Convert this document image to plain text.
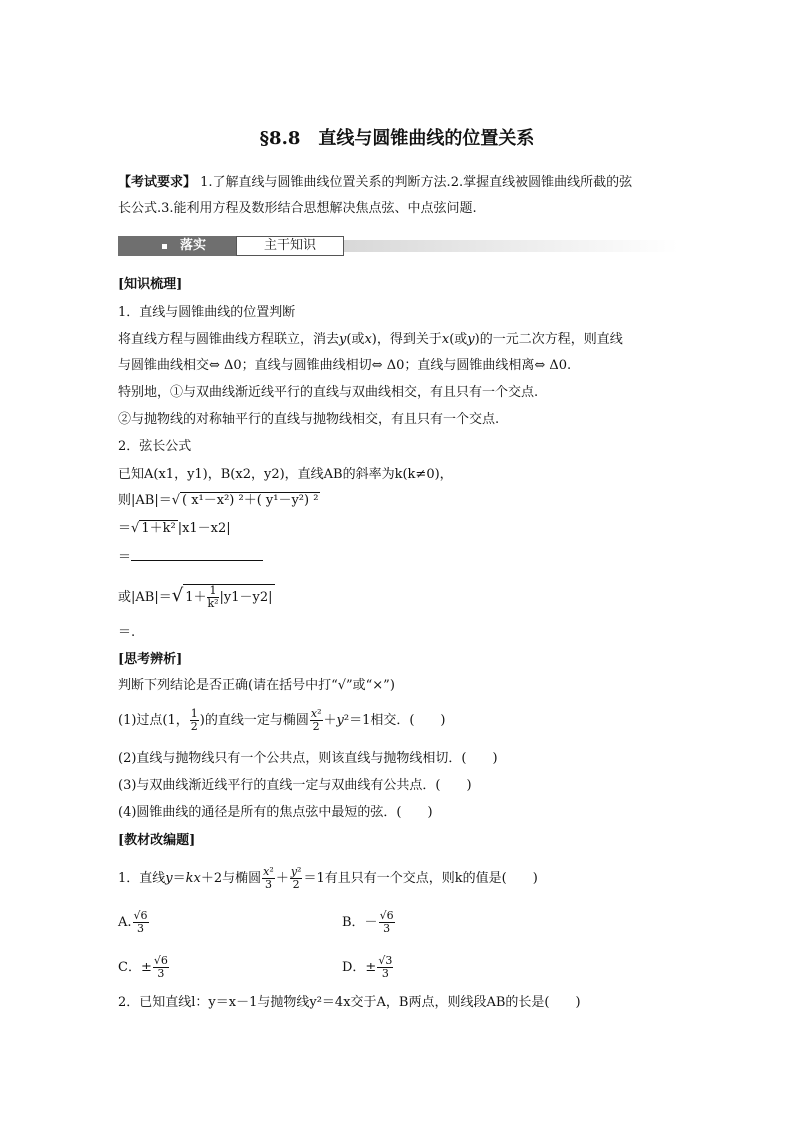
§8.8　直线与圆锥曲线的位置关系
【考试要求】 1.了解直线与圆锥曲线位置关系的判断方法.2.掌握直线被圆锥曲线所截的弦
长公式.3.能利用方程及数形结合思想解决焦点弦、中点弦问题.
落实	主干知识
[知识梳理]
1．直线与圆锥曲线的位置判断
将直线方程与圆锥曲线方程联立，消去y(或x)，得到关于x(或y)的一元二次方程，则直线
与圆锥曲线相交⇔ Δ0；直线与圆锥曲线相切⇔ Δ0；直线与圆锥曲线相离⇔ Δ0.
特别地，①与双曲线渐近线平行的直线与双曲线相交，有且只有一个交点.
②与抛物线的对称轴平行的直线与抛物线相交，有且只有一个交点.
2．弦长公式
已知A(x1，y1)，B(x2，y2)，直线AB的斜率为k(k≠0)，
则|AB|＝√ ( x¹－x²) ²＋( y¹－y²) ²
＝√ 1＋k² |x1－x2|
＝
或|AB|＝√ $1+ \frac{1}{\text{k²}} |y1-y2|$
＝.
[思考辨析]
判断下列结论是否正确(请在括号中打“√”或“×”)
(1)过点(1， $\frac{1}{2}$ )的直线一定与椭圆 $\frac{\text{x²}}{2} +y^2=1$相交．(　　)
(2)直线与抛物线只有一个公共点，则该直线与抛物线相切．(　　)
(3)与双曲线渐近线平行的直线一定与双曲线有公共点．(　　)
(4)圆锥曲线的通径是所有的焦点弦中最短的弦．(　　)
[教材改编题]
1．直线y＝kx＋2与椭圆 $\frac{\text{x²}}{3} + \frac{\text{y²}}{2} =1$有且只有一个交点，则k的值是(　　)
A. $\frac{√6}{3}$	B．－ $\frac{√6}{3}$
C．± $\frac{√6}{3}$	D．± $\frac{√3}{3}$
2．已知直线l：y＝x－1与抛物线y²＝4x交于A，B两点，则线段AB的长是(　　)
